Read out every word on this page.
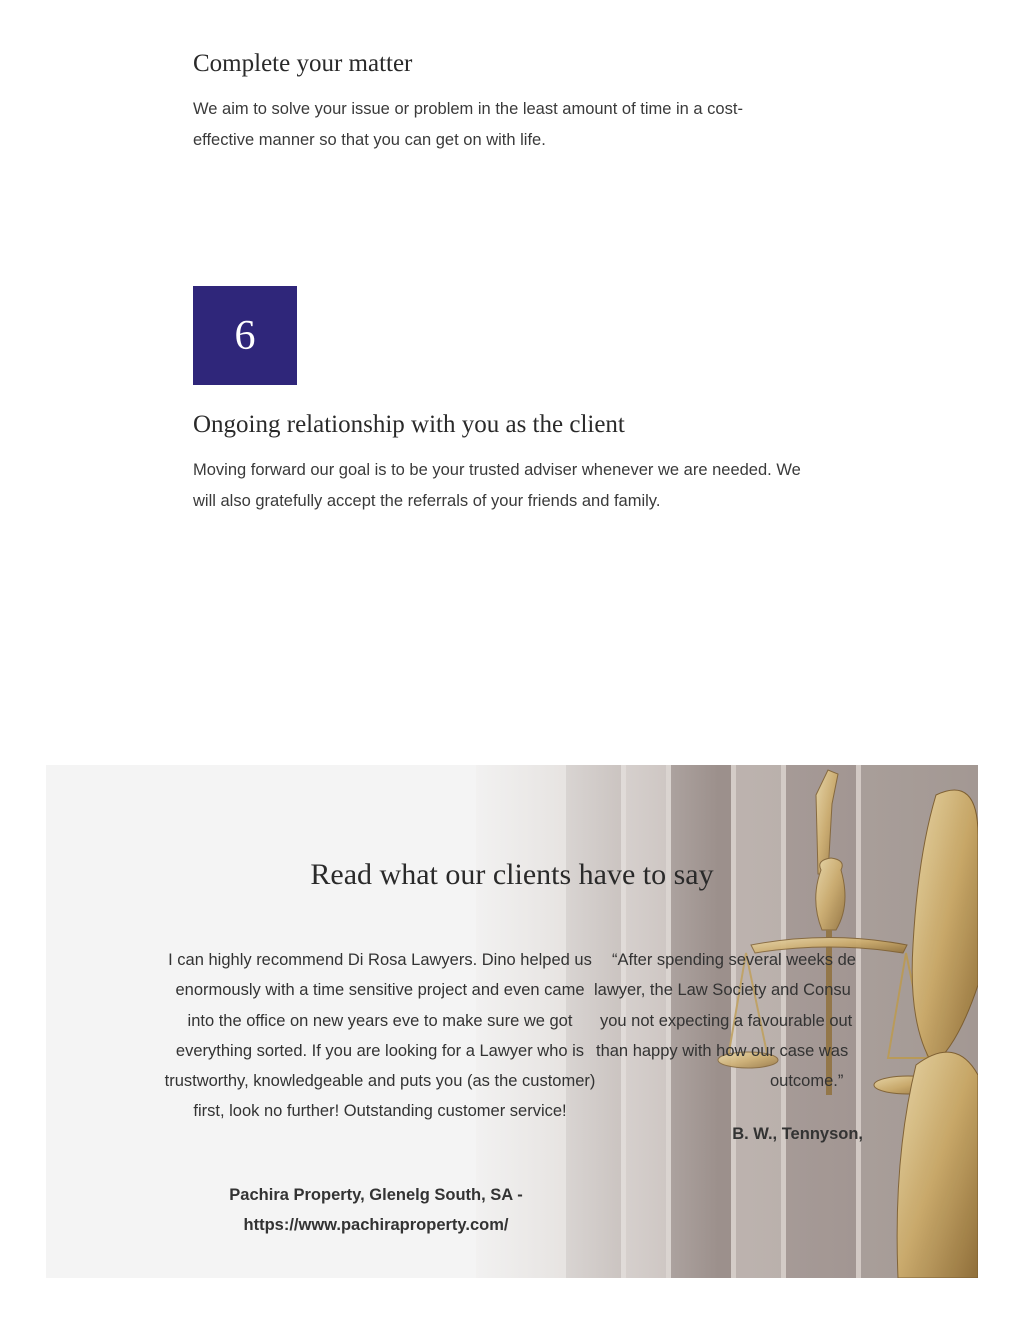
Complete your matter

We aim to solve your issue or problem in the least amount of time in a cost-effective manner so that you can get on with life.

6
Ongoing relationship with you as the client

Moving forward our goal is to be your trusted adviser whenever we are needed. We will also gratefully accept the referrals of your friends and family.

Read what our clients have to say

I can highly recommend Di Rosa Lawyers. Dino helped us enormously with a time sensitive project and even came into the office on new years eve to make sure we got everything sorted. If you are looking for a Lawyer who is trustworthy, knowledgeable and puts you (as the customer) first, look no further! Outstanding customer service!

Pachira Property, Glenelg South, SA - https://www.pachiraproperty.com/

“After spending several weeks de
lawyer, the Law Society and Consu
you not expecting a favourable out
than happy with how our case was
outcome.”

B. W., Tennyson,
